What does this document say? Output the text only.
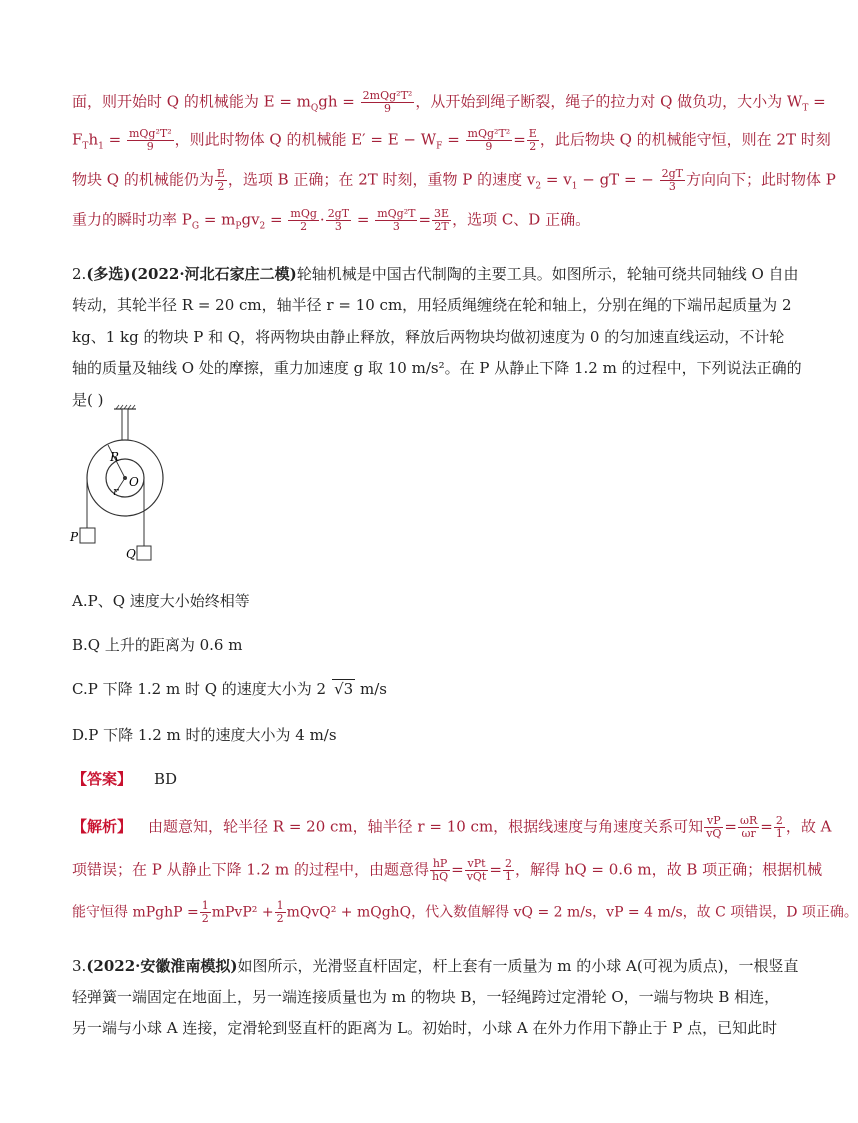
面，则开始时 Q 的机械能为 $E = m_Qgh = \frac{\text{2mQg²T²}}{9}$ ，从开始到绳子断裂，绳子的拉力对 Q 做负功，大小为 $W_T$ =
$F_Th_1 = \frac{\text{mQg²T²}}{9}$ ，则此时物体 Q 的机械能 $E' = E - W_F = \frac{\text{mQg²T²}}{9} = \frac{E}{2}$ ，此后物块 Q 的机械能守恒，则在 2T 时刻
物块 Q 的机械能仍为 $\frac{E}{2}$ ，选项 B 正确；在 2T 时刻，重物 P 的速度 $v_2 = v_1$ − gT = − $\frac{2gT}{3}$ 方向向下；此时物体 P
重力的瞬时功率 $P_G = m_Pgv_2 = \frac{\text{mQg}}{2} \cdot \frac{2gT}{3} = \frac{\text{mQg²T}}{3} = \frac{3E}{2T}$ ，选项 C、D 正确。
2.(多选)(2022·河北石家庄二模)轮轴机械是中国古代制陶的主要工具。如图所示，轮轴可绕共同轴线 O 自由
转动，其轮半径 R = 20 cm，轴半径 r = 10 cm，用轻质绳缠绕在轮和轴上，分别在绳的下端吊起质量为 2
kg、1 kg 的物块 P 和 Q，将两物块由静止释放，释放后两物块均做初速度为 0 的匀加速直线运动，不计轮
轴的质量及轴线 O 处的摩擦，重力加速度 g 取 10 m/s²。在 P 从静止下降 1.2 m 的过程中，下列说法正确的
是( )
R
r
O
P
Q
A.P、Q 速度大小始终相等
B.Q 上升的距离为 0.6 m
C.P 下降 1.2 m 时 Q 的速度大小为 2 √3 m/s
D.P 下降 1.2 m 时的速度大小为 4 m/s
【答案】 BD
【解析】 由题意知，轮半径 R = 20 cm，轴半径 r = 10 cm，根据线速度与角速度关系可知 $\frac{vP}{vQ} = \frac{\omega R}{\omega r} = \frac{2}{1}$ ，故 A
项错误；在 P 从静止下降 1.2 m 的过程中，由题意得 $\frac{hP}{hQ} = \frac{\text{vPt}}{\text{vQt}} = \frac{2}{1}$ ，解得 hQ = 0.6 m，故 B 项正确；根据机械
能守恒得 mPghP = $\frac{1}{2}$ mPvP² + $\frac{1}{2}$ mQvQ² + mQghQ，代入数值解得 vQ = 2 m/s，vP = 4 m/s，故 C 项错误，D 项正确。
3.(2022·安徽淮南模拟)如图所示，光滑竖直杆固定，杆上套有一质量为 m 的小球 A(可视为质点)，一根竖直
轻弹簧一端固定在地面上，另一端连接质量也为 m 的物块 B，一轻绳跨过定滑轮 O，一端与物块 B 相连，
另一端与小球 A 连接，定滑轮到竖直杆的距离为 L。初始时，小球 A 在外力作用下静止于 P 点，已知此时
